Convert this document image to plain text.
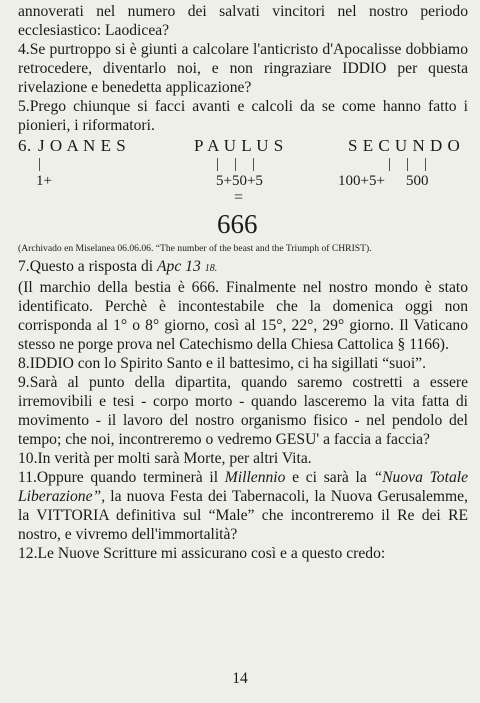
annoverati nel numero dei salvati vincitori nel nostro periodo ecclesiastico: Laodicea?

4.Se purtroppo si è giunti a calcolare l'anticristo d'Apocalisse dobbiamo retrocedere, diventarlo noi, e non ringraziare IDDIO per questa rivelazione e benedetta applicazione?

5.Prego chiunque si facci avanti e calcoli da se come hanno fatto i pionieri, i riformatori.

6. J O A N E S	P A U L U S	S E C U N D O
|	|    |    |	|    |    |
1+	5+50+5	100+5+ 500
=
666

(Archivado en Miselanea 06.06.06. “The number of the beast and the Triumph of CHRIST).

7.Questo a risposta di Apc 13 18.

(Il marchio della bestia è 666. Finalmente nel nostro mondo è stato identificato. Perchè è incontestabile che la domenica oggi non corrisponda al 1° o 8° giorno, così al 15°, 22°, 29° giorno. Il Vaticano stesso ne porge prova nel Catechismo della Chiesa Cattolica § 1166).

8.IDDIO con lo Spirito Santo e il battesimo, ci ha sigillati “suoi”.

9.Sarà al punto della dipartita, quando saremo costretti a essere irremovibili e tesi - corpo morto - quando lasceremo la vita fatta di movimento - il lavoro del nostro organismo fisico - nel pendolo del tempo; che noi, incontreremo o vedremo GESU' a faccia a faccia?

10.In verità per molti sarà Morte, per altri Vita.

11.Oppure quando terminerà il Millennio e ci sarà la “Nuova Totale Liberazione”, la nuova Festa dei Tabernacoli, la Nuova Gerusalemme, la VITTORIA definitiva sul “Male” che incontreremo il Re dei RE nostro, e vivremo dell'immortalità?

12.Le Nuove Scritture mi assicurano così e a questo credo:

14
